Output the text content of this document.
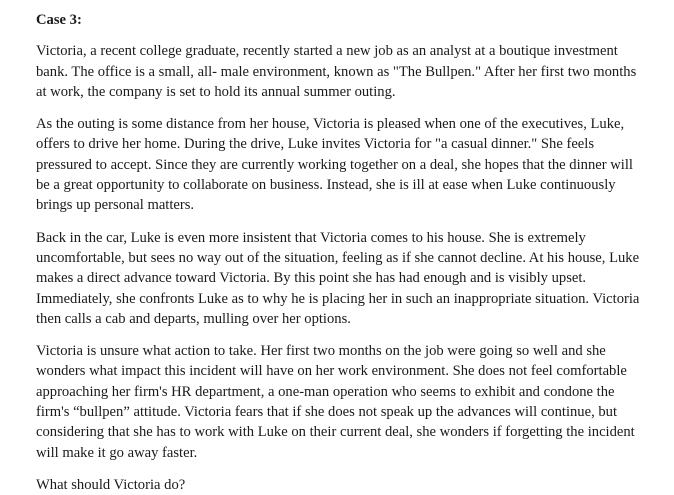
Case 3:

Victoria, a recent college graduate, recently started a new job as an analyst at a boutique investment bank. The office is a small, all- male environment, known as "The Bullpen." After her first two months at work, the company is set to hold its annual summer outing.

As the outing is some distance from her house, Victoria is pleased when one of the executives, Luke, offers to drive her home. During the drive, Luke invites Victoria for "a casual dinner." She feels pressured to accept. Since they are currently working together on a deal, she hopes that the dinner will be a great opportunity to collaborate on business. Instead, she is ill at ease when Luke continuously brings up personal matters.

Back in the car, Luke is even more insistent that Victoria comes to his house. She is extremely uncomfortable, but sees no way out of the situation, feeling as if she cannot decline. At his house, Luke makes a direct advance toward Victoria. By this point she has had enough and is visibly upset. Immediately, she confronts Luke as to why he is placing her in such an inappropriate situation. Victoria then calls a cab and departs, mulling over her options.

Victoria is unsure what action to take. Her first two months on the job were going so well and she wonders what impact this incident will have on her work environment. She does not feel comfortable approaching her firm's HR department, a one-man operation who seems to exhibit and condone the firm's “bullpen” attitude. Victoria fears that if she does not speak up the advances will continue, but considering that she has to work with Luke on their current deal, she wonders if forgetting the incident will make it go away faster.

What should Victoria do?
